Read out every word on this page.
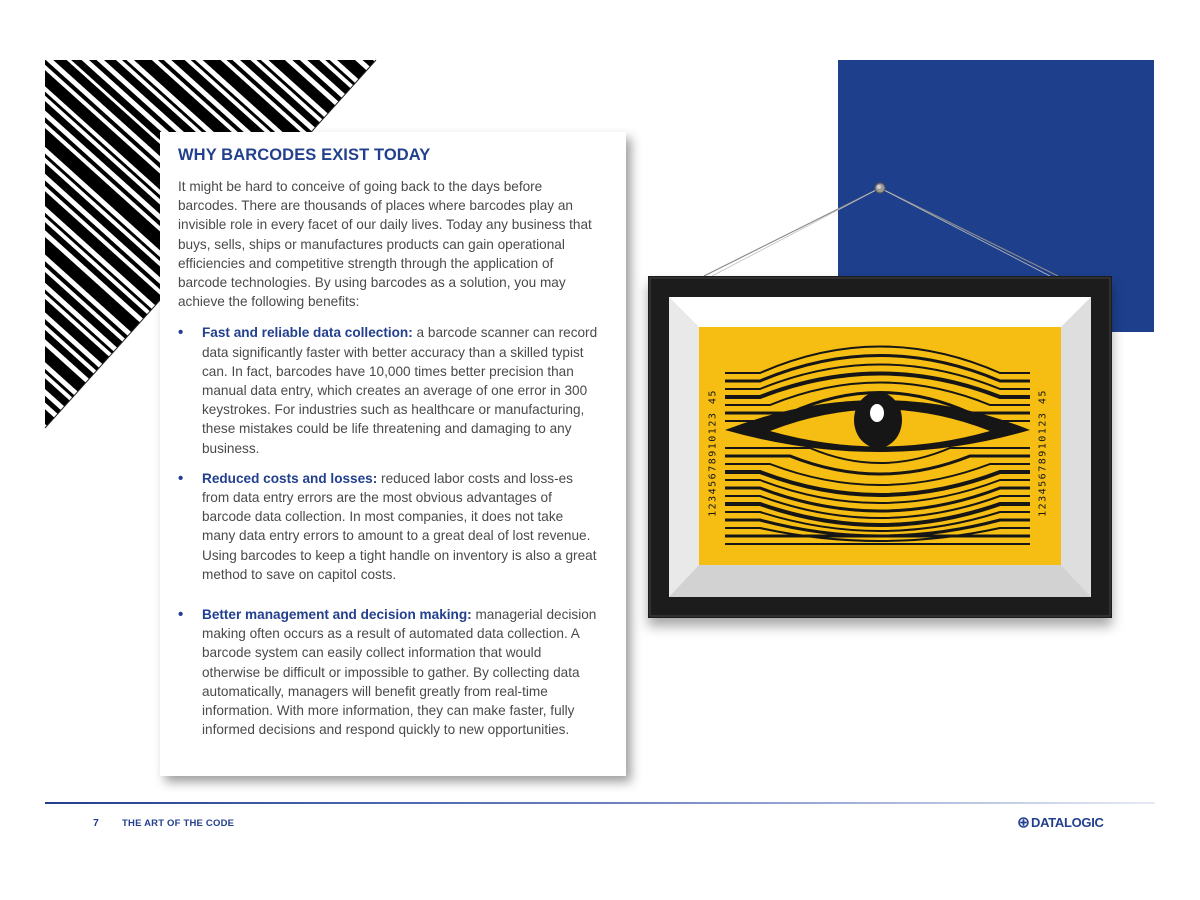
12345678910123 45	12345678910123 45
WHY BARCODES EXIST TODAY

It might be hard to conceive of going back to the days before barcodes. There are thousands of places where barcodes play an invisible role in every facet of our daily lives. Today any business that buys, sells, ships or manufactures products can gain operational efficiencies and competitive strength through the application of barcode technologies. By using barcodes as a solution, you may achieve the following benefits:

•	Fast and reliable data collection: a barcode scanner can record data significantly faster with better accuracy than a skilled typist can. In fact, barcodes have 10,000 times better precision than manual data entry, which creates an average of one error in 300 keystrokes. For industries such as healthcare or manufacturing, these mistakes could be life threatening and damaging to any business.

•	Reduced costs and losses: reduced labor costs and loss-es from data entry errors are the most obvious advantages of barcode data collection. In most companies, it does not take many data entry errors to amount to a great deal of lost revenue. Using barcodes to keep a tight handle on inventory is also a great method to save on capitol costs.

•	Better management and decision making: managerial decision making often occurs as a result of automated data collection. A barcode system can easily collect information that would otherwise be difficult or impossible to gather. By collecting data automatically, managers will benefit greatly from real-time information. With more information, they can make faster, fully informed decisions and respond quickly to new opportunities.

7 THE ART OF THE CODE	DATALOGIC
